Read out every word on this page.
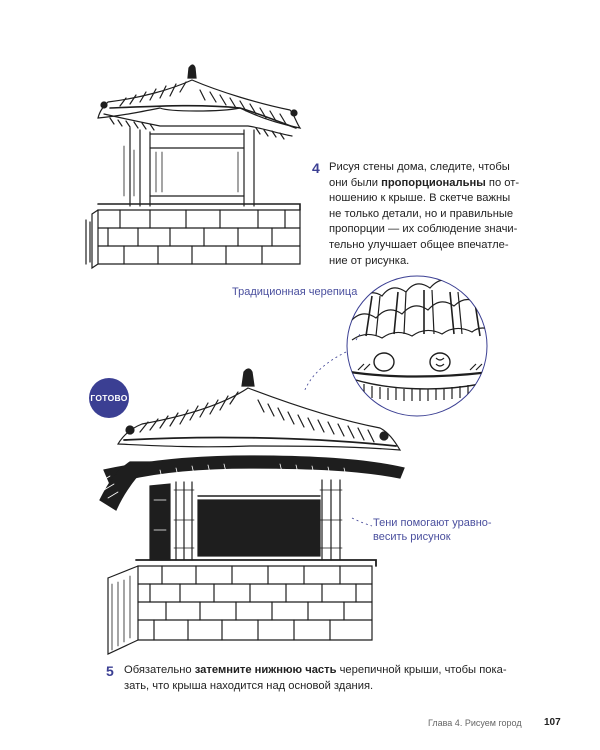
4 Рисуя стены дома, следите, чтобы
они были пропорциональны по от-
ношению к крыше. В скетче важны
не только детали, но и правильные
пропорции — их соблюдение значи-
тельно улучшает общее впечатле-
ние от рисунка.
Традиционная черепица
ГОТОВО
Тени помогают уравно-
весить рисунок
5 Обязательно затемните нижнюю часть черепичной крыши, чтобы пока-
зать, что крыша находится над основой здания.
Глава 4. Рисуем город 107
